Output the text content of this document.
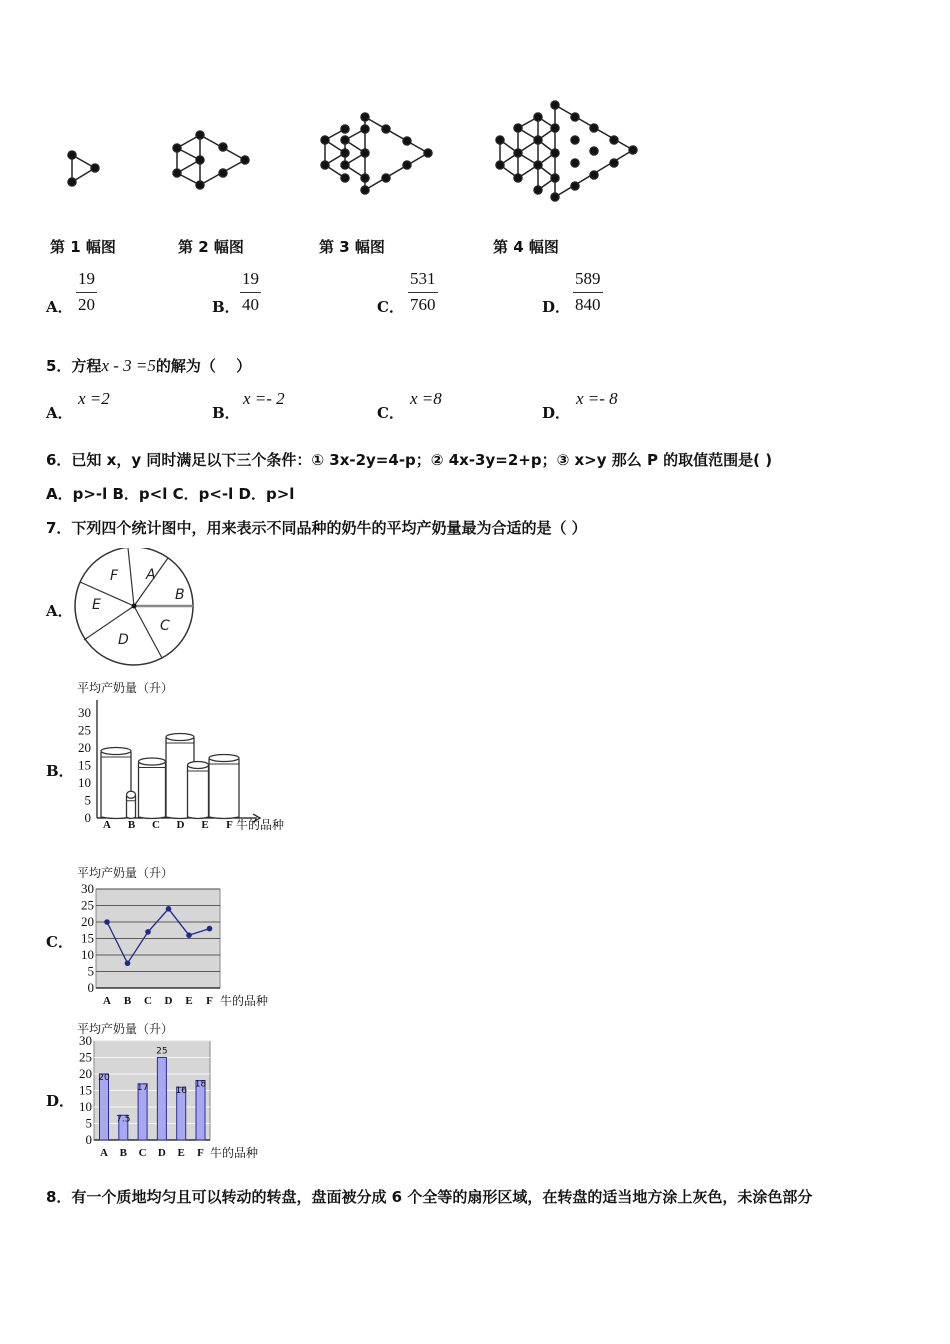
第 1 幅图	第 2 幅图	第 3 幅图	第 4 幅图
A． $\frac{19}{20}$	B． $\frac{19}{40}$	C． $\frac{531}{760}$	D． $\frac{589}{840}$
5．方程x - 3 =5的解为（　 ）
A．
x =2
B．
x =- 2
C．
x =8
D．
x =- 8
6．已知 x，y 同时满足以下三个条件：① 3x-2y=4-p；② 4x-3y=2+p；③ x>y 那么 P 的取值范围是( )
A．p>-l B．p<l C．p<-l D．p>l
7．下列四个统计图中，用来表示不同品种的奶牛的平均产奶量最为合适的是（ ）
A．
A
B
C
D
E
F
B．
平均产奶量（升）
0
5
10
15
20
25
30
A B C D E F 牛的品种
C．
平均产奶量（升）
0
5
10
15
20
25
30
A B C D E F 牛的品种
D．
平均产奶量（升）
0
5
10
15
20
25
30
A B C D E F 牛的品种
20
7.5
17
25
16
18
8．有一个质地均匀且可以转动的转盘，盘面被分成 6 个全等的扇形区域，在转盘的适当地方涂上灰色，未涂色部分
